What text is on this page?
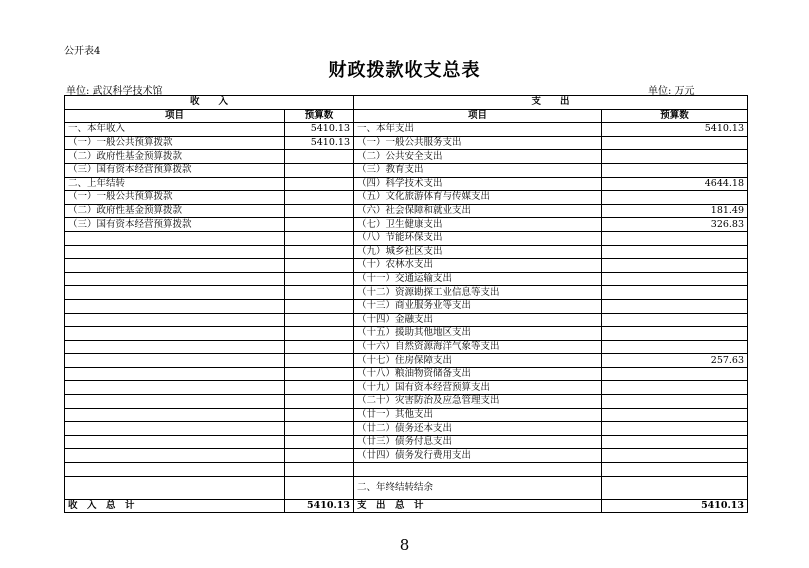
公开表4
财政拨款收支总表
单位: 武汉科学技术馆	单位: 万元
收　　入		支　　出	
项目	预算数	项目	预算数
一、本年收入	5410.13	一、本年支出	5410.13
（一）一般公共预算拨款	5410.13	（一）一般公共服务支出	
（二）政府性基金预算拨款		（二）公共安全支出	
（三）国有资本经营预算拨款		（三）教育支出	
二、上年结转		（四）科学技术支出	4644.18
（一）一般公共预算拨款		（五）文化旅游体育与传媒支出	
（二）政府性基金预算拨款		（六）社会保障和就业支出	181.49
（三）国有资本经营预算拨款		（七）卫生健康支出	326.83
		（八）节能环保支出	
		（九）城乡社区支出	
		（十）农林水支出	
		（十一）交通运输支出	
		（十二）资源勘探工业信息等支出	
		（十三）商业服务业等支出	
		（十四）金融支出	
		（十五）援助其他地区支出	
		（十六）自然资源海洋气象等支出	
		（十七）住房保障支出	257.63
		（十八）粮油物资储备支出	
		（十九）国有资本经营预算支出	
		（二十）灾害防治及应急管理支出	
		（廿一）其他支出	
		（廿二）债务还本支出	
		（廿三）债务付息支出	
		（廿四）债务发行费用支出	

		二、年终结转结余	
收　入　总　计	5410.13	支　出　总　计	5410.13
8
